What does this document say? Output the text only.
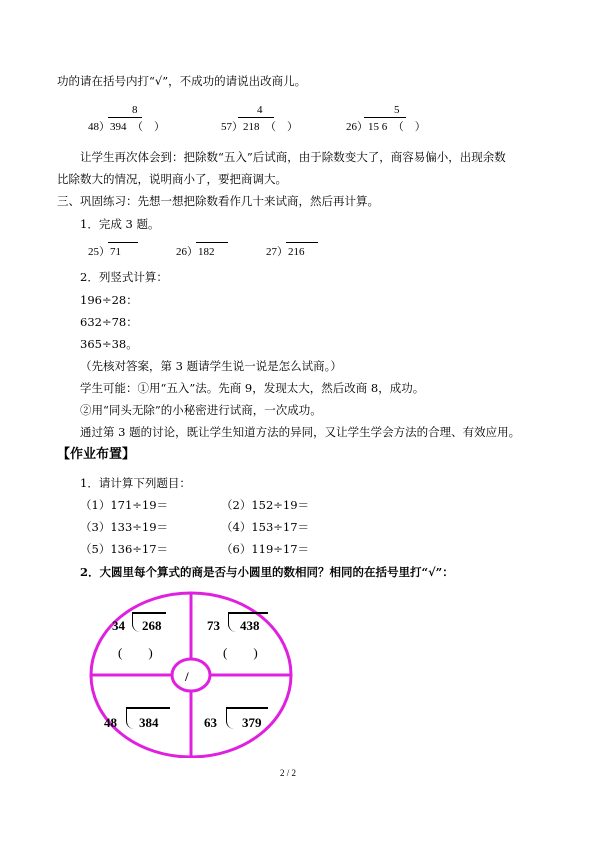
功的请在括号内打“√”，不成功的请说出改商儿。
8
48）394　 （　）
4
57）218　 （　）
5
26）15 6　 （　）
让学生再次体会到：把除数“五入”后试商，由于除数变大了，商容易偏小，出现余数
比除数大的情况，说明商小了，要把商调大。
三、巩固练习：先想一想把除数看作几十来试商，然后再计算。
1．完成 3 题。
25）71	26）182	27）216
2．列竖式计算：
196÷28：
632÷78：
365÷38。
（先核对答案，第 3 题请学生说一说是怎么试商。）
学生可能：①用“五入”法。先商 9，发现太大，然后改商 8，成功。
②用“同头无除”的小秘密进行试商，一次成功。
通过第 3 题的讨论，既让学生知道方法的异同，又让学生学会方法的合理、有效应用。
【作业布置】
1．请计算下列题目：
（1）171÷19＝	（2）152÷19＝
（3）133÷19＝	（4）153÷17＝
（5）136÷17＝	（6）119÷17＝
2．大圆里每个算式的商是否与小圆里的数相同？相同的在括号里打“√”：
/
34 268
(　　)
73 438
(　　)
48 384	63 379
2 / 2
